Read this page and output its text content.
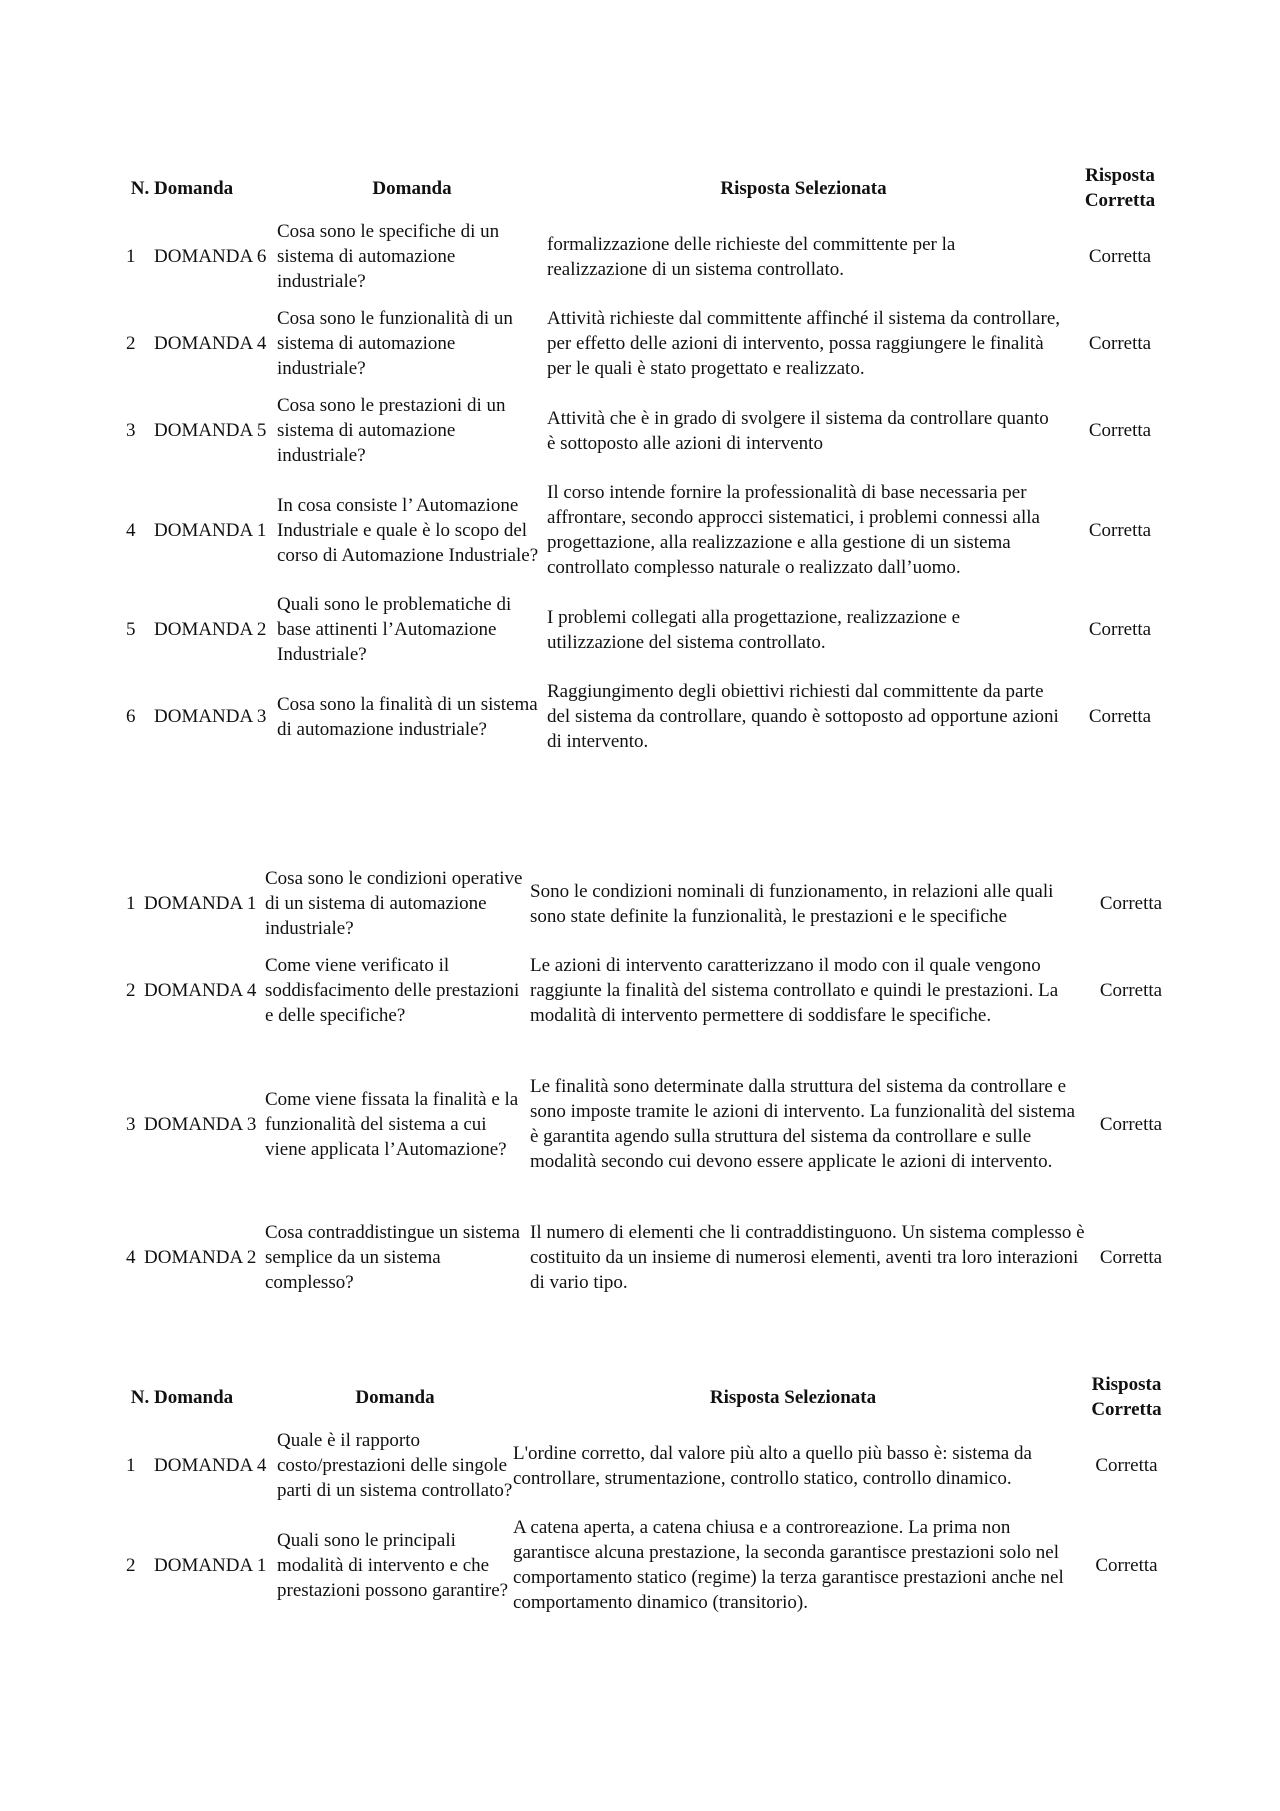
N.	Domanda	Domanda	Risposta Selezionata	Risposta Corretta
1	DOMANDA 6	Cosa sono le specifiche di un sistema di automazione industriale?	formalizzazione delle richieste del committente per la realizzazione di un sistema controllato.	Corretta
2	DOMANDA 4	Cosa sono le funzionalità di un sistema di automazione industriale?	Attività richieste dal committente affinché il sistema da controllare, per effetto delle azioni di intervento, possa raggiungere le finalità per le quali è stato progettato e realizzato.	Corretta
3	DOMANDA 5	Cosa sono le prestazioni di un sistema di automazione industriale?	Attività che è in grado di svolgere il sistema da controllare quanto è sottoposto alle azioni di intervento	Corretta
4	DOMANDA 1	In cosa consiste l’ Automazione Industriale e quale è lo scopo del corso di Automazione Industriale?	Il corso intende fornire la professionalità di base necessaria per affrontare, secondo approcci sistematici, i problemi connessi alla progettazione, alla realizzazione e alla gestione di un sistema controllato complesso naturale o realizzato dall’uomo.	Corretta
5	DOMANDA 2	Quali sono le problematiche di base attinenti l’Automazione Industriale?	I problemi collegati alla progettazione, realizzazione e utilizzazione del sistema controllato.	Corretta
6	DOMANDA 3	Cosa sono la finalità di un sistema di automazione industriale?	Raggiungimento degli obiettivi richiesti dal committente da parte del sistema da controllare, quando è sottoposto ad opportune azioni di intervento.	Corretta
1	DOMANDA 1	Cosa sono le condizioni operative di un sistema di automazione industriale?	Sono le condizioni nominali di funzionamento, in relazioni alle quali sono state definite la funzionalità, le prestazioni e le specifiche	Corretta
2	DOMANDA 4	Come viene verificato il soddisfacimento delle prestazioni e delle specifiche?	Le azioni di intervento caratterizzano il modo con il quale vengono raggiunte la finalità del sistema controllato e quindi le prestazioni. La modalità di intervento permettere di soddisfare le specifiche.	Corretta
3	DOMANDA 3	Come viene fissata la finalità e la funzionalità del sistema a cui viene applicata l’Automazione?	Le finalità sono determinate dalla struttura del sistema da controllare e sono imposte tramite le azioni di intervento. La funzionalità del sistema è garantita agendo sulla struttura del sistema da controllare e sulle modalità secondo cui devono essere applicate le azioni di intervento.	Corretta
4	DOMANDA 2	Cosa contraddistingue un sistema semplice da un sistema complesso?	Il numero di elementi che li contraddistinguono. Un sistema complesso è costituito da un insieme di numerosi elementi, aventi tra loro interazioni di vario tipo.	Corretta
N.	Domanda	Domanda	Risposta Selezionata	Risposta Corretta
1	DOMANDA 4	Quale è il rapporto costo/prestazioni delle singole parti di un sistema controllato?	L'ordine corretto, dal valore più alto a quello più basso è: sistema da controllare, strumentazione, controllo statico, controllo dinamico.	Corretta
2	DOMANDA 1	Quali sono le principali modalità di intervento e che prestazioni possono garantire?	A catena aperta, a catena chiusa e a controreazione. La prima non garantisce alcuna prestazione, la seconda garantisce prestazioni solo nel comportamento statico (regime) la terza garantisce prestazioni anche nel comportamento dinamico (transitorio).	Corretta
